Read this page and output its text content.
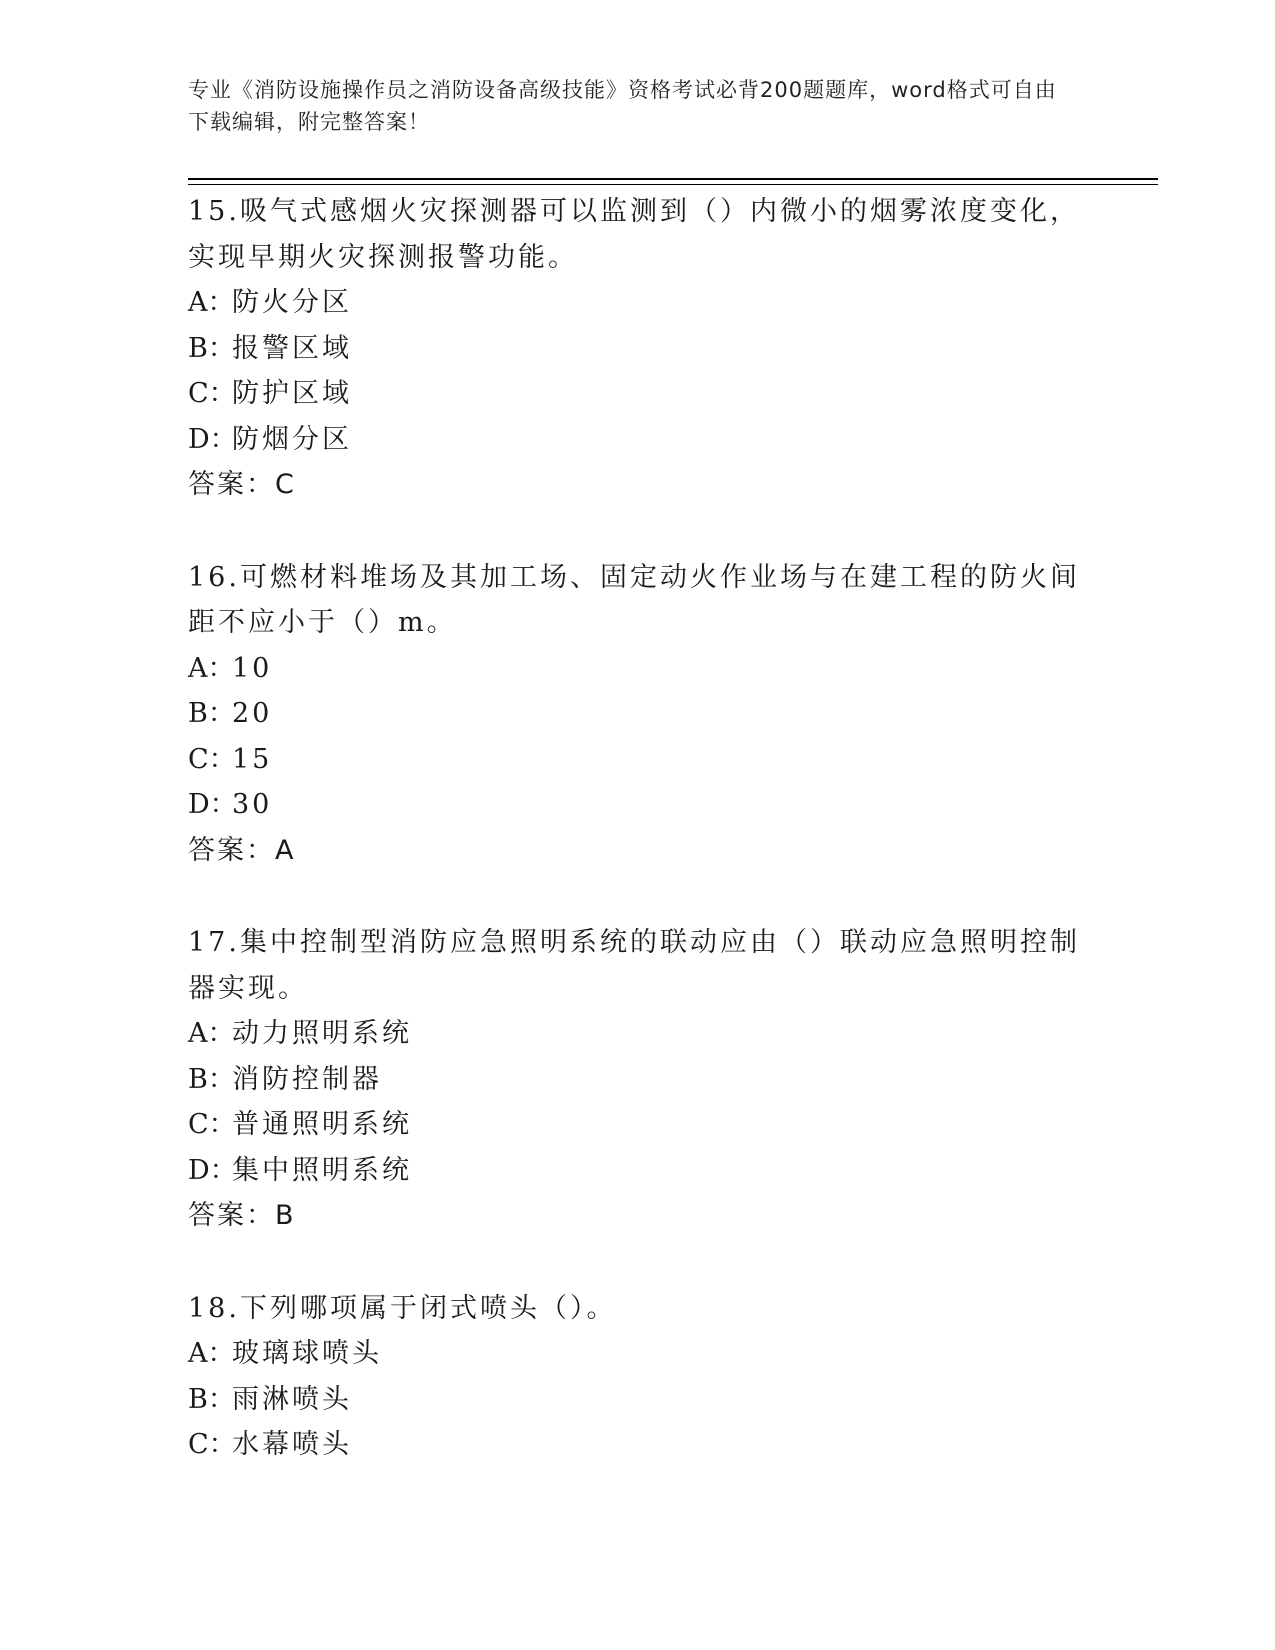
专业《消防设施操作员之消防设备高级技能》资格考试必背200题题库，word格式可自由下载编辑，附完整答案！
15.吸气式感烟火灾探测器可以监测到（）内微小的烟雾浓度变化，实现早期火灾探测报警功能。
A：防火分区
B：报警区域
C：防护区域
D：防烟分区
答案：C
16.可燃材料堆场及其加工场、固定动火作业场与在建工程的防火间距不应小于（）m。
A：10
B：20
C：15
D：30
答案：A
17.集中控制型消防应急照明系统的联动应由（）联动应急照明控制器实现。
A：动力照明系统
B：消防控制器
C：普通照明系统
D：集中照明系统
答案：B
18.下列哪项属于闭式喷头（）。
A：玻璃球喷头
B：雨淋喷头
C：水幕喷头
